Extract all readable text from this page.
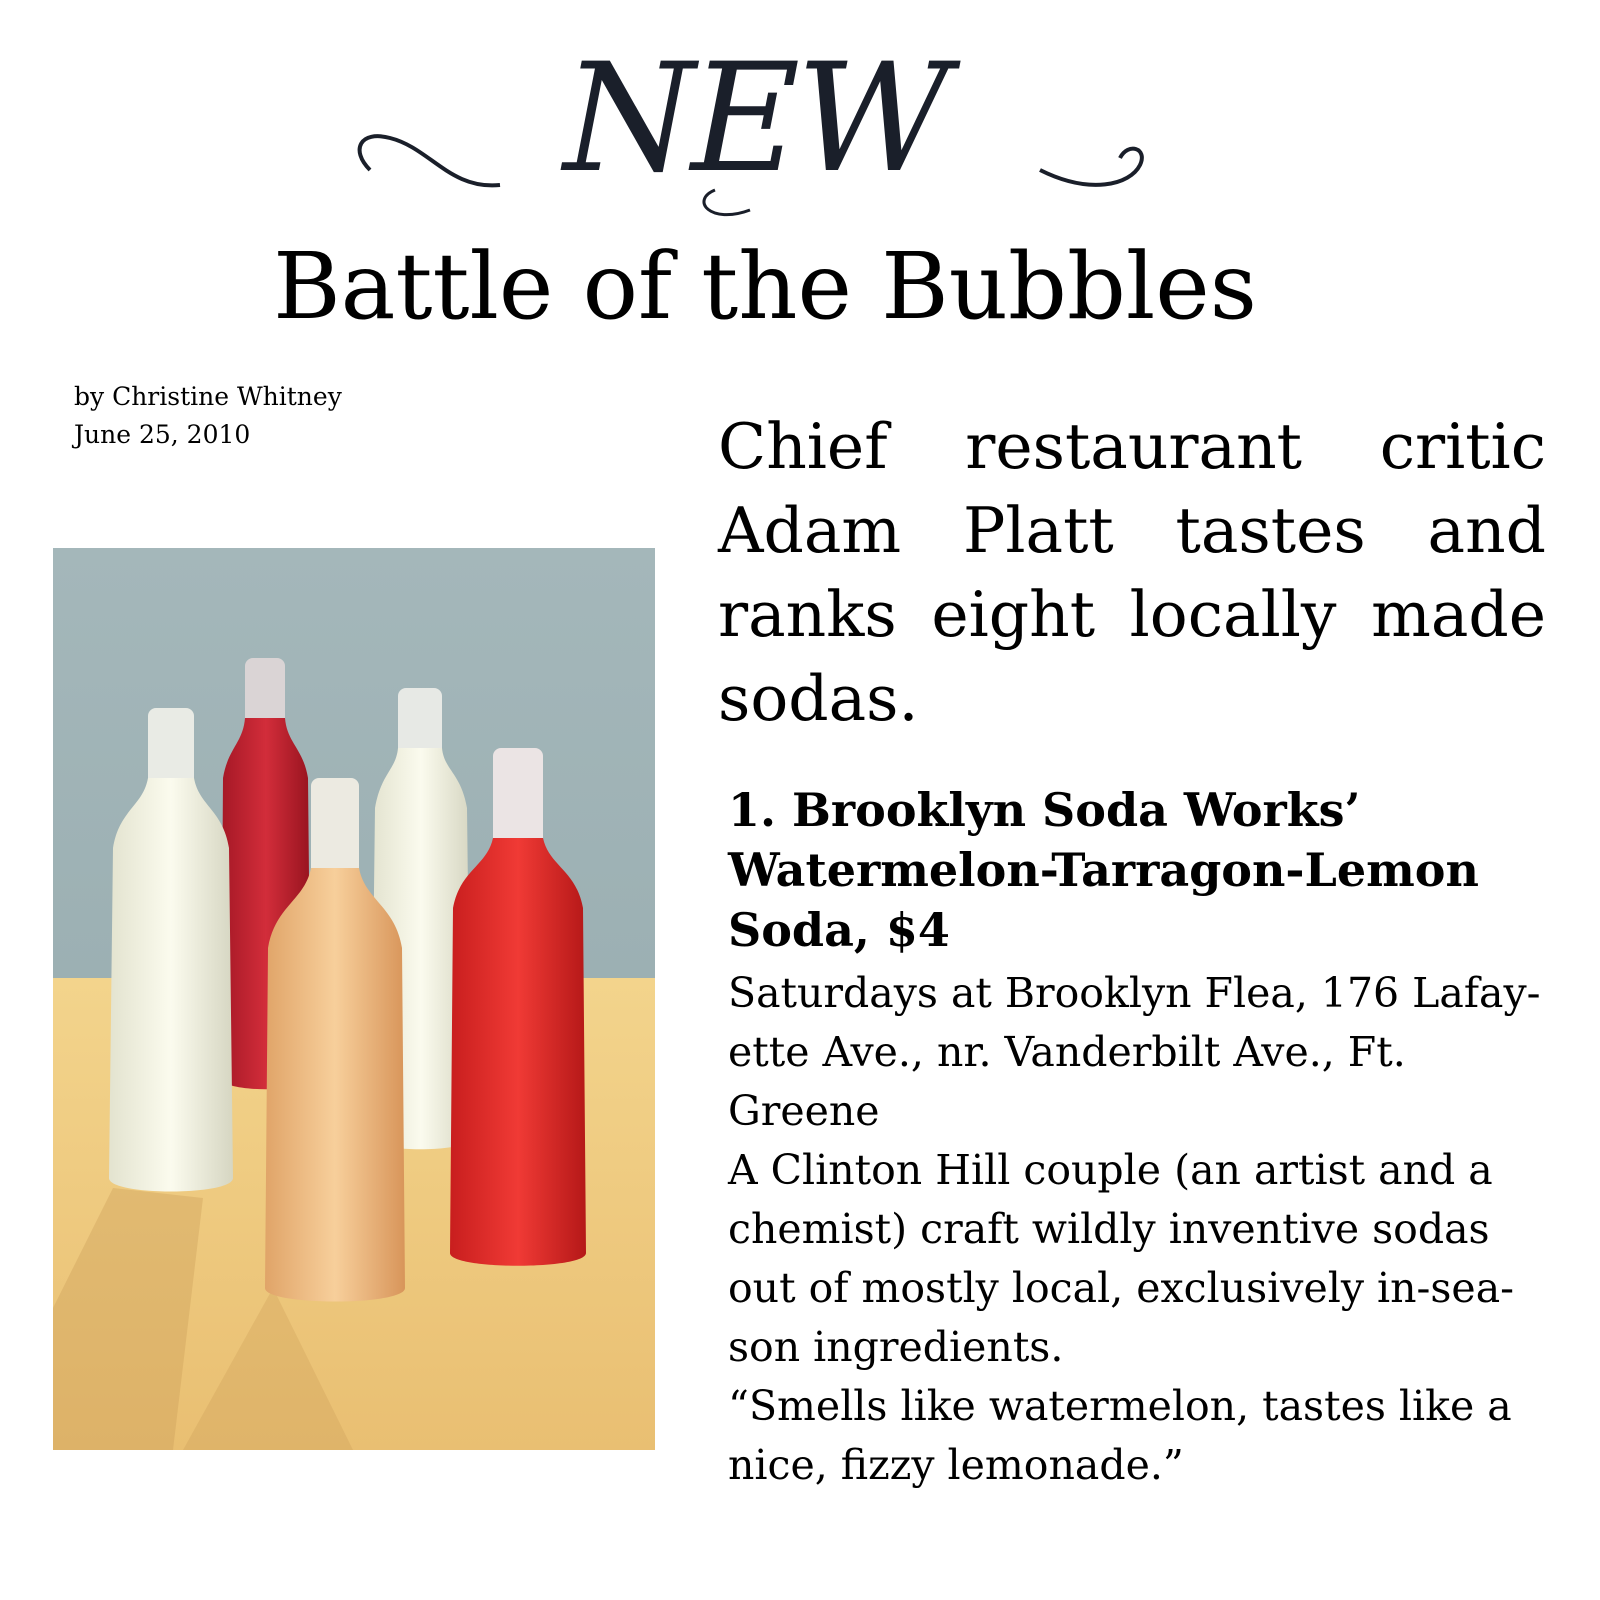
NEW
Battle of the Bubbles
by Christine Whitney
June 25, 2010	Chief restaurant critic Adam Platt tastes and ranks eight locally made sodas.

1. Brooklyn Soda Works’
Watermelon-Tarragon-Lemon
Soda, $4
Saturdays at Brooklyn Flea, 176 Lafay-
ette Ave., nr. Vanderbilt Ave., Ft.
Greene
A Clinton Hill couple (an artist and a
chemist) craft wildly inventive sodas
out of mostly local, exclusively in-sea-
son ingredients.
“Smells like watermelon, tastes like a
nice, fizzy lemonade.”
